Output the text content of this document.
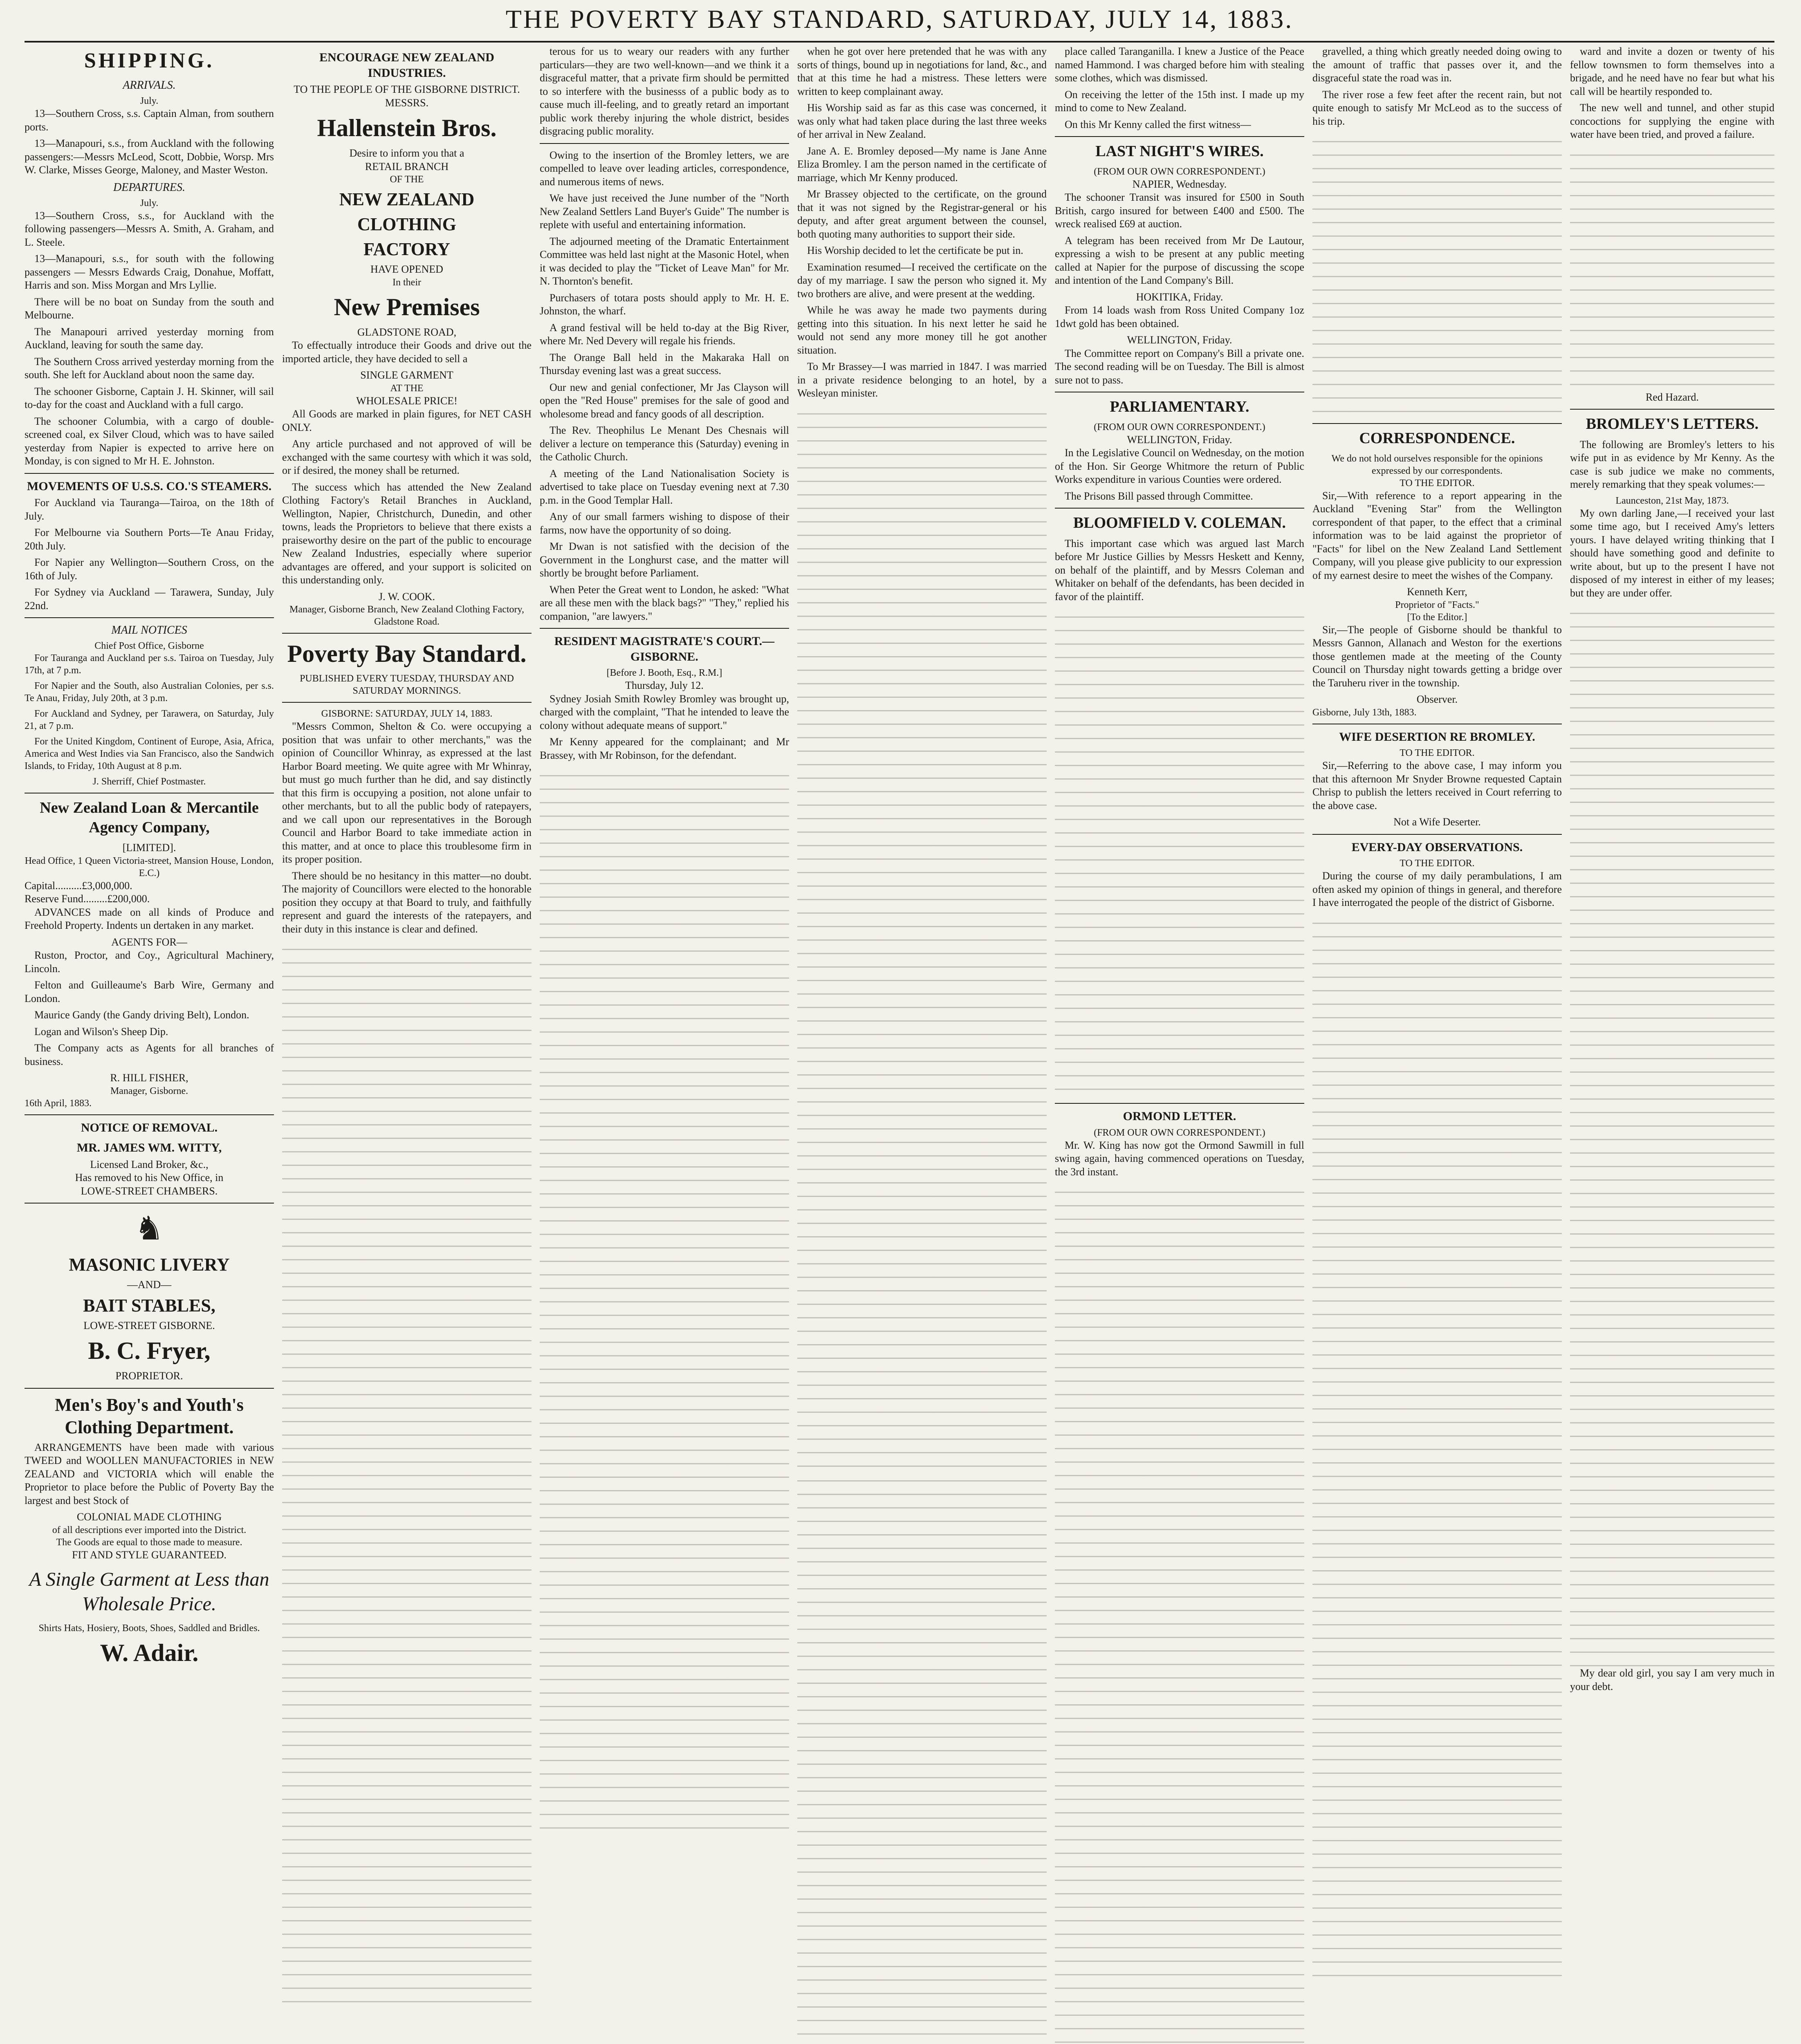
THE POVERTY BAY STANDARD, SATURDAY, JULY 14, 1883.
SHIPPING.
ARRIVALS.
July.

13—Southern Cross, s.s. Captain Alman, from southern ports.

13—Manapouri, s.s., from Auckland with the following passengers:—Messrs McLeod, Scott, Dobbie, Worsp. Mrs W. Clarke, Misses George, Maloney, and Master Weston.

DEPARTURES.
July.

13—Southern Cross, s.s., for Auckland with the following passengers—Messrs A. Smith, A. Graham, and L. Steele.

13—Manapouri, s.s., for south with the following passengers — Messrs Edwards Craig, Donahue, Moffatt, Harris and son. Miss Morgan and Mrs Lyllie.

There will be no boat on Sunday from the south and Melbourne.

The Manapouri arrived yesterday morning from Auckland, leaving for south the same day.

The Southern Cross arrived yesterday morning from the south. She left for Auckland about noon the same day.

The schooner Gisborne, Captain J. H. Skinner, will sail to-day for the coast and Auckland with a full cargo.

The schooner Columbia, with a cargo of double-screened coal, ex Silver Cloud, which was to have sailed yesterday from Napier is expected to arrive here on Monday, is con signed to Mr H. E. Johnston.

MOVEMENTS OF U.S.S. CO.'S STEAMERS.

For Auckland via Tauranga—Tairoa, on the 18th of July.

For Melbourne via Southern Ports—Te Anau Friday, 20th July.

For Napier any Wellington—Southern Cross, on the 16th of July.

For Sydney via Auckland — Tarawera, Sunday, July 22nd.

MAIL NOTICES
Chief Post Office, Gisborne

For Tauranga and Auckland per s.s. Tairoa on Tuesday, July 17th, at 7 p.m.

For Napier and the South, also Australian Colonies, per s.s. Te Anau, Friday, July 20th, at 3 p.m.

For Auckland and Sydney, per Tarawera, on Saturday, July 21, at 7 p.m.

For the United Kingdom, Continent of Europe, Asia, Africa, America and West Indies via San Francisco, also the Sandwich Islands, to Friday, 10th August at 8 p.m.

J. Sherriff, Chief Postmaster.
New Zealand Loan & Mercantile Agency Company,
[LIMITED].
Head Office, 1 Queen Victoria-street, Mansion House, London, E.C.)
Capital..........£3,000,000.
Reserve Fund.........£200,000.

ADVANCES made on all kinds of Produce and Freehold Property. Indents un dertaken in any market.

AGENTS FOR—

Ruston, Proctor, and Coy., Agricultural Machinery, Lincoln.

Felton and Guilleaume's Barb Wire, Germany and London.

Maurice Gandy (the Gandy driving Belt), London.

Logan and Wilson's Sheep Dip.

The Company acts as Agents for all branches of business.

R. HILL FISHER,
Manager, Gisborne.
16th April, 1883.
NOTICE OF REMOVAL.
MR. JAMES WM. WITTY,
Licensed Land Broker, &c.,
Has removed to his New Office, in
LOWE-STREET CHAMBERS.
♞
MASONIC LIVERY
—AND—
BAIT STABLES,
LOWE-STREET GISBORNE.
B. C. Fryer,
PROPRIETOR.
Men's Boy's and Youth's Clothing Department.

ARRANGEMENTS have been made with various TWEED and WOOLLEN MANUFACTORIES in NEW ZEALAND and VICTORIA which will enable the Proprietor to place before the Public of Poverty Bay the largest and best Stock of

COLONIAL MADE CLOTHING
of all descriptions ever imported into the District.
The Goods are equal to those made to measure.
FIT AND STYLE GUARANTEED.
A Single Garment at Less than Wholesale Price.
Shirts Hats, Hosiery, Boots, Shoes, Saddled and Bridles.
W. Adair.
ENCOURAGE NEW ZEALAND INDUSTRIES.
TO THE PEOPLE OF THE GISBORNE DISTRICT.
MESSRS.
Hallenstein Bros.
Desire to inform you that a
RETAIL BRANCH
OF THE
NEW ZEALAND
CLOTHING
FACTORY
HAVE OPENED
In their
New Premises
GLADSTONE ROAD,

To effectually introduce their Goods and drive out the imported article, they have decided to sell a

SINGLE GARMENT
AT THE
WHOLESALE PRICE!

All Goods are marked in plain figures, for NET CASH ONLY.

Any article purchased and not approved of will be exchanged with the same courtesy with which it was sold, or if desired, the money shall be returned.

The success which has attended the New Zealand Clothing Factory's Retail Branches in Auckland, Wellington, Napier, Christchurch, Dunedin, and other towns, leads the Proprietors to believe that there exists a praiseworthy desire on the part of the public to encourage New Zealand Industries, especially where superior advantages are offered, and your support is solicited on this understanding only.

J. W. COOK.
Manager, Gisborne Branch, New Zealand Clothing Factory, Gladstone Road.
Poverty Bay Standard.
PUBLISHED EVERY TUESDAY, THURSDAY AND SATURDAY MORNINGS.
GISBORNE: SATURDAY, JULY 14, 1883.

"Messrs Common, Shelton & Co. were occupying a position that was unfair to other merchants," was the opinion of Councillor Whinray, as expressed at the last Harbor Board meeting. We quite agree with Mr Whinray, but must go much further than he did, and say distinctly that this firm is occupying a position, not alone unfair to other merchants, but to all the public body of ratepayers, and we call upon our representatives in the Borough Council and Harbor Board to take immediate action in this matter, and at once to place this troublesome firm in its proper position.

There should be no hesitancy in this matter—no doubt. The majority of Councillors were elected to the honorable position they occupy at that Board to truly, and faithfully represent and guard the interests of the ratepayers, and their duty in this instance is clear and defined.

terous for us to weary our readers with any further particulars—they are two well-known—and we think it a disgraceful matter, that a private firm should be permitted to so interfere with the businesss of a public body as to cause much ill-feeling, and to greatly retard an important public work thereby injuring the whole district, besides disgracing public morality.

Owing to the insertion of the Bromley letters, we are compelled to leave over leading articles, correspondence, and numerous items of news.

We have just received the June number of the "North New Zealand Settlers Land Buyer's Guide" The number is replete with useful and entertaining information.

The adjourned meeting of the Dramatic Entertainment Committee was held last night at the Masonic Hotel, when it was decided to play the "Ticket of Leave Man" for Mr. N. Thornton's benefit.

Purchasers of totara posts should apply to Mr. H. E. Johnston, the wharf.

A grand festival will be held to-day at the Big River, where Mr. Ned Devery will regale his friends.

The Orange Ball held in the Makaraka Hall on Thursday evening last was a great success.

Our new and genial confectioner, Mr Jas Clayson will open the "Red House" premises for the sale of good and wholesome bread and fancy goods of all description.

The Rev. Theophilus Le Menant Des Chesnais will deliver a lecture on temperance this (Saturday) evening in the Catholic Church.

A meeting of the Land Nationalisation Society is advertised to take place on Tuesday evening next at 7.30 p.m. in the Good Templar Hall.

Any of our small farmers wishing to dispose of their farms, now have the opportunity of so doing.

Mr Dwan is not satisfied with the decision of the Government in the Longhurst case, and the matter will shortly be brought before Parliament.

When Peter the Great went to London, he asked: "What are all these men with the black bags?" "They," replied his companion, "are lawyers."

RESIDENT MAGISTRATE'S COURT.—GISBORNE.
[Before J. Booth, Esq., R.M.]
Thursday, July 12.

Sydney Josiah Smith Rowley Bromley was brought up, charged with the complaint, "That he intended to leave the colony without adequate means of support."

Mr Kenny appeared for the complainant; and Mr Brassey, with Mr Robinson, for the defendant.

when he got over here pretended that he was with any sorts of things, bound up in negotiations for land, &c., and that at this time he had a mistress. These letters were written to keep complainant away.

His Worship said as far as this case was concerned, it was only what had taken place during the last three weeks of her arrival in New Zealand.

Jane A. E. Bromley deposed—My name is Jane Anne Eliza Bromley. I am the person named in the certificate of marriage, which Mr Kenny produced.

Mr Brassey objected to the certificate, on the ground that it was not signed by the Registrar-general or his deputy, and after great argument between the counsel, both quoting many authorities to support their side.

His Worship decided to let the certificate be put in.

Examination resumed—I received the certificate on the day of my marriage. I saw the person who signed it. My two brothers are alive, and were present at the wedding.

While he was away he made two payments during getting into this situation. In his next letter he said he would not send any more money till he got another situation.

To Mr Brassey—I was married in 1847. I was married in a private residence belonging to an hotel, by a Wesleyan minister.

place called Taranganilla. I knew a Justice of the Peace named Hammond. I was charged before him with stealing some clothes, which was dismissed.

On receiving the letter of the 15th inst. I made up my mind to come to New Zealand.

On this Mr Kenny called the first witness—

LAST NIGHT'S WIRES.
(FROM OUR OWN CORRESPONDENT.)
NAPIER, Wednesday.

The schooner Transit was insured for £500 in South British, cargo insured for between £400 and £500. The wreck realised £69 at auction.

A telegram has been received from Mr De Lautour, expressing a wish to be present at any public meeting called at Napier for the purpose of discussing the scope and intention of the Land Company's Bill.

HOKITIKA, Friday.

From 14 loads wash from Ross United Company 1oz 1dwt gold has been obtained.

WELLINGTON, Friday.

The Committee report on Company's Bill a private one. The second reading will be on Tuesday. The Bill is almost sure not to pass.

PARLIAMENTARY.
(FROM OUR OWN CORRESPONDENT.)
WELLINGTON, Friday.

In the Legislative Council on Wednesday, on the motion of the Hon. Sir George Whitmore the return of Public Works expenditure in various Counties were ordered.

The Prisons Bill passed through Committee.

BLOOMFIELD V. COLEMAN.

This important case which was argued last March before Mr Justice Gillies by Messrs Heskett and Kenny, on behalf of the plaintiff, and by Messrs Coleman and Whitaker on behalf of the defendants, has been decided in favor of the plaintiff.

ORMOND LETTER.
(FROM OUR OWN CORRESPONDENT.)

Mr. W. King has now got the Ormond Sawmill in full swing again, having commenced operations on Tuesday, the 3rd instant.

gravelled, a thing which greatly needed doing owing to the amount of traffic that passes over it, and the disgraceful state the road was in.

The river rose a few feet after the recent rain, but not quite enough to satisfy Mr McLeod as to the success of his trip.

CORRESPONDENCE.
We do not hold ourselves responsible for the opinions expressed by our correspondents.
TO THE EDITOR.

Sir,—With reference to a report appearing in the Auckland "Evening Star" from the Wellington correspondent of that paper, to the effect that a criminal information was to be laid against the proprietor of "Facts" for libel on the New Zealand Land Settlement Company, will you please give publicity to our expression of my earnest desire to meet the wishes of the Company.

Kenneth Kerr,
Proprietor of "Facts."
[To the Editor.]

Sir,—The people of Gisborne should be thankful to Messrs Gannon, Allanach and Weston for the exertions those gentlemen made at the meeting of the County Council on Thursday night towards getting a bridge over the Taruheru river in the township.

Observer.
Gisborne, July 13th, 1883.
WIFE DESERTION RE BROMLEY.
TO THE EDITOR.

Sir,—Referring to the above case, I may inform you that this afternoon Mr Snyder Browne requested Captain Chrisp to publish the letters received in Court referring to the above case.

Not a Wife Deserter.
EVERY-DAY OBSERVATIONS.
TO THE EDITOR.

During the course of my daily perambulations, I am often asked my opinion of things in general, and therefore I have interrogated the people of the district of Gisborne.

ward and invite a dozen or twenty of his fellow townsmen to form themselves into a brigade, and he need have no fear but what his call will be heartily responded to.

The new well and tunnel, and other stupid concoctions for supplying the engine with water have been tried, and proved a failure.

Red Hazard.
BROMLEY'S LETTERS.

The following are Bromley's letters to his wife put in as evidence by Mr Kenny. As the case is sub judice we make no comments, merely remarking that they speak volumes:—

Launceston, 21st May, 1873.

My own darling Jane,—I received your last some time ago, but I received Amy's letters yours. I have delayed writing thinking that I should have something good and definite to write about, but up to the present I have not disposed of my interest in either of my leases; but they are under offer.

My dear old girl, you say I am very much in your debt.
